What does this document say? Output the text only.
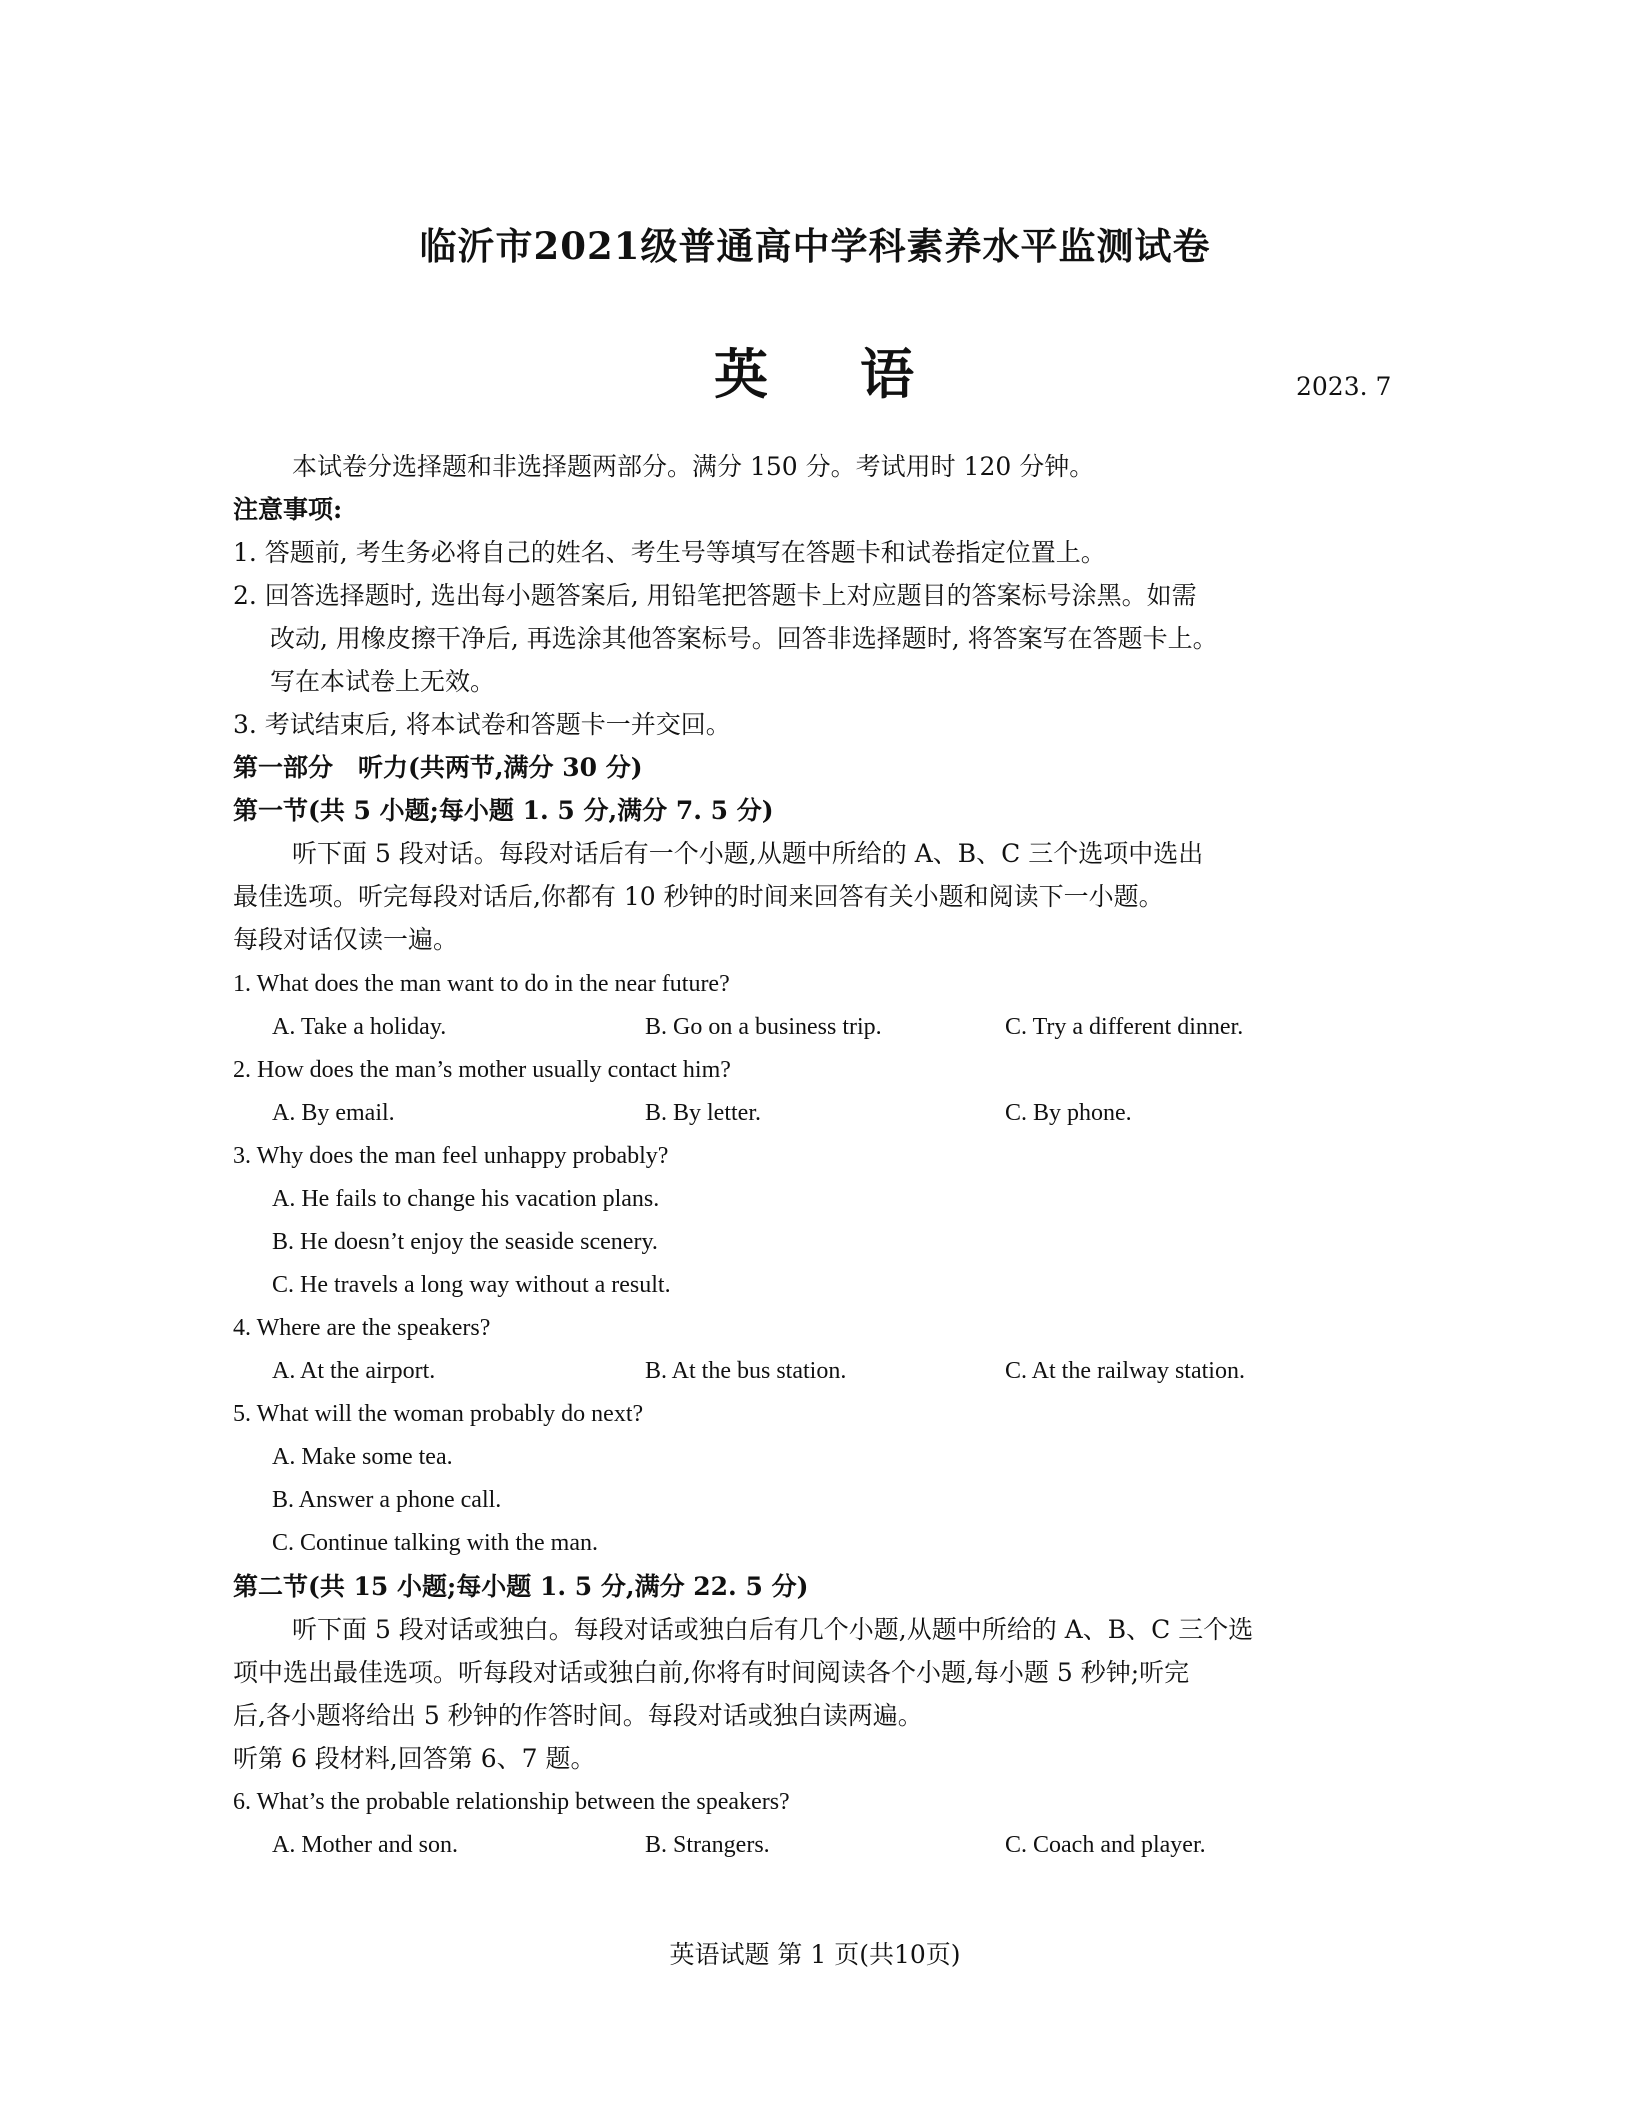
临沂市2021级普通高中学科素养水平监测试卷
英 语	2023. 7
本试卷分选择题和非选择题两部分。满分 150 分。考试用时 120 分钟。
注意事项:
1. 答题前, 考生务必将自己的姓名、考生号等填写在答题卡和试卷指定位置上。
2. 回答选择题时, 选出每小题答案后, 用铅笔把答题卡上对应题目的答案标号涂黑。如需
改动, 用橡皮擦干净后, 再选涂其他答案标号。回答非选择题时, 将答案写在答题卡上。
写在本试卷上无效。
3. 考试结束后, 将本试卷和答题卡一并交回。
第一部分　听力(共两节,满分 30 分)
第一节(共 5 小题;每小题 1. 5 分,满分 7. 5 分)
听下面 5 段对话。每段对话后有一个小题,从题中所给的 A、B、C 三个选项中选出
最佳选项。听完每段对话后,你都有 10 秒钟的时间来回答有关小题和阅读下一小题。
每段对话仅读一遍。
1. What does the man want to do in the near future?
A. Take a holiday.	B. Go on a business trip.	C. Try a different dinner.
2. How does the man’s mother usually contact him?
A. By email.	B. By letter.	C. By phone.
3. Why does the man feel unhappy probably?
A. He fails to change his vacation plans.
B. He doesn’t enjoy the seaside scenery.
C. He travels a long way without a result.
4. Where are the speakers?
A. At the airport.	B. At the bus station.	C. At the railway station.
5. What will the woman probably do next?
A. Make some tea.
B. Answer a phone call.
C. Continue talking with the man.
第二节(共 15 小题;每小题 1. 5 分,满分 22. 5 分)
听下面 5 段对话或独白。每段对话或独白后有几个小题,从题中所给的 A、B、C 三个选
项中选出最佳选项。听每段对话或独白前,你将有时间阅读各个小题,每小题 5 秒钟;听完
后,各小题将给出 5 秒钟的作答时间。每段对话或独白读两遍。
听第 6 段材料,回答第 6、7 题。
6. What’s the probable relationship between the speakers?
A. Mother and son.	B. Strangers.	C. Coach and player.
英语试题 第 1 页(共10页)
